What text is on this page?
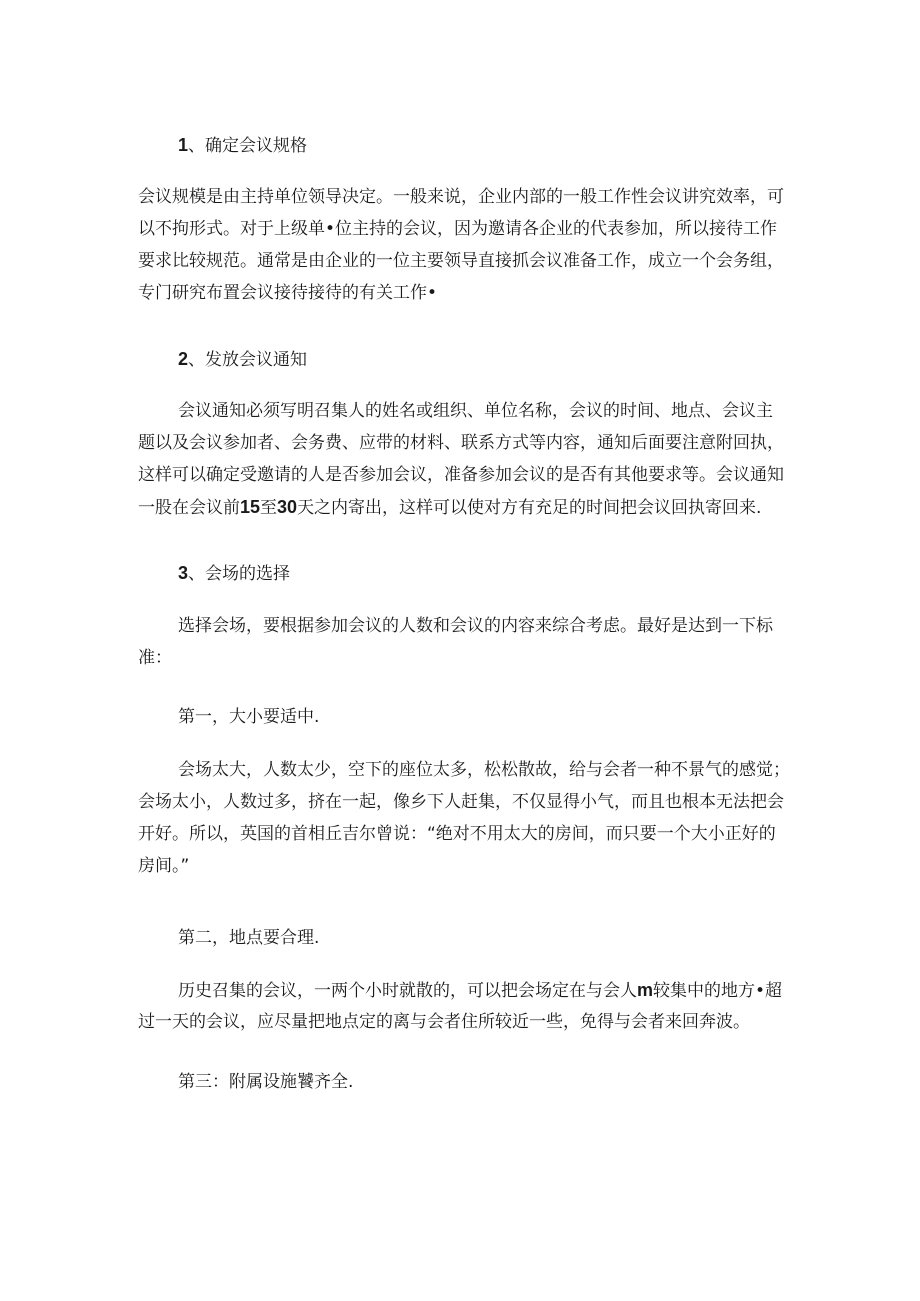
1、确定会议规格
会议规模是由主持单位领导决定。一般来说，企业内部的一般工作性会议讲究效率，可
以不拘形式。对于上级单•位主持的会议，因为邀请各企业的代表参加，所以接待工作
要求比较规范。通常是由企业的一位主要领导直接抓会议准备工作，成立一个会务组，
专门研究布置会议接待接待的有关工作•
2、发放会议通知
会议通知必须写明召集人的姓名或组织、单位名称，会议的时间、地点、会议主
题以及会议参加者、会务费、应带的材料、联系方式等内容，通知后面要注意附回执，
这样可以确定受邀请的人是否参加会议，准备参加会议的是否有其他要求等。会议通知
一股在会议前15至30天之内寄出，这样可以使对方有充足的时间把会议回执寄回来.
3、会场的选择
选择会场，要根据参加会议的人数和会议的内容来综合考虑。最好是达到一下标
准：
第一，大小要适中.
会场太大，人数太少，空下的座位太多，松松散故，给与会者一种不景气的感觉；
会场太小，人数过多，挤在一起，像乡下人赶集，不仅显得小气，而且也根本无法把会
开好。所以，英国的首相丘吉尔曾说：“绝对不用太大的房间，而只要一个大小正好的
房间。”
第二，地点要合理.
历史召集的会议，一两个小时就散的，可以把会场定在与会人m较集中的地方•超
过一天的会议，应尽量把地点定的离与会者住所较近一些，免得与会者来回奔波。
第三：附属设施饕齐全.
